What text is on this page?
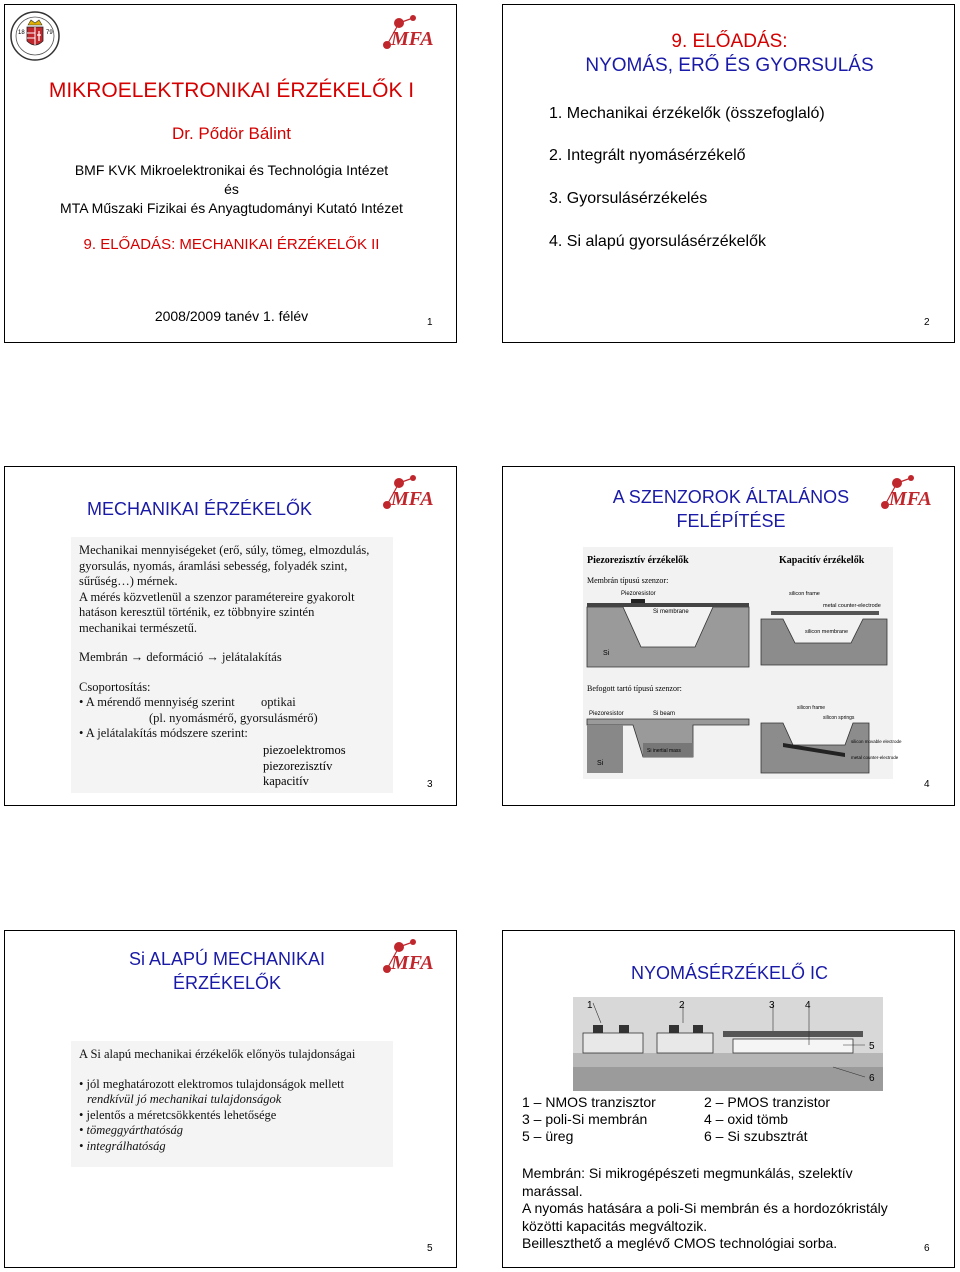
18	79	MFA
MIKROELEKTRONIKAI ÉRZÉKELŐK I
Dr. Pődör Bálint
BMF KVK Mikroelektronikai és Technológia Intézet
és
MTA Műszaki Fizikai és Anyagtudományi Kutató Intézet
9. ELŐADÁS: MECHANIKAI ÉRZÉKELŐK II
2008/2009 tanév 1. félév	1
9. ELŐADÁS:
NYOMÁS, ERŐ ÉS GYORSULÁS
1. Mechanikai érzékelők (összefoglaló)
2. Integrált nyomásérzékelő
3. Gyorsulásérzékelés
4. Si alapú gyorsulásérzékelők
2
MECHANIKAI ÉRZÉKELŐK	MFA
Mechanikai mennyiségeket (erő, súly, tömeg, elmozdulás,
gyorsulás, nyomás, áramlási sebesség, folyadék szint,
sűrűség…) mérnek.
A mérés közvetlenül a szenzor paramétereire gyakorolt
hatáson keresztül történik, ez többnyire szintén
mechanikai természetű.
Membrán → deformáció → jelátalakítás
Csoportosítás:
• A mérendő mennyiség szerint
(pl. nyomásmérő, gyorsulásmérő)
• A jelátalakítás módszere szerint:
optikai
piezoelektromos
piezorezisztív
kapacitív	3
A SZENZOROK ÁLTALÁNOS
FELÉPÍTÉSE
MFA
Piezorezisztív érzékelők	Kapacitív érzékelők
Membrán típusú szenzor:
Piezoresistor
Si membrane
Si
silicon frame
metal counter-electrode
silicon membrane
Befogott tartó típusú szenzor:
Piezoresistor	Si beam
Si inertial mass
Si
silicon frame
silicon springs
silicon movable electrode
metal counter-electrode
4
Si ALAPÚ MECHANIKAI
ÉRZÉKELŐK
MFA
A Si alapú mechanikai érzékelők előnyös tulajdonságai
• jól meghatározott elektromos tulajdonságok mellett
rendkívül jó mechanikai tulajdonságok
• jelentős a méretcsökkentés lehetősége
• tömeggyárthatóság
• integrálhatóság
5
NYOMÁSÉRZÉKELŐ IC
1	2	3	4
5
6
1 – NMOS tranzisztor	2 – PMOS tranzistor
3 – poli-Si membrán	4 – oxid tömb
5 – üreg	6 – Si szubsztrát
Membrán: Si mikrogépészeti megmunkálás, szelektív
marással.
A nyomás hatására a poli-Si membrán és a hordozókristály
közötti kapacitás megváltozik.
Beilleszthető a meglévő CMOS technológiai sorba.	6
